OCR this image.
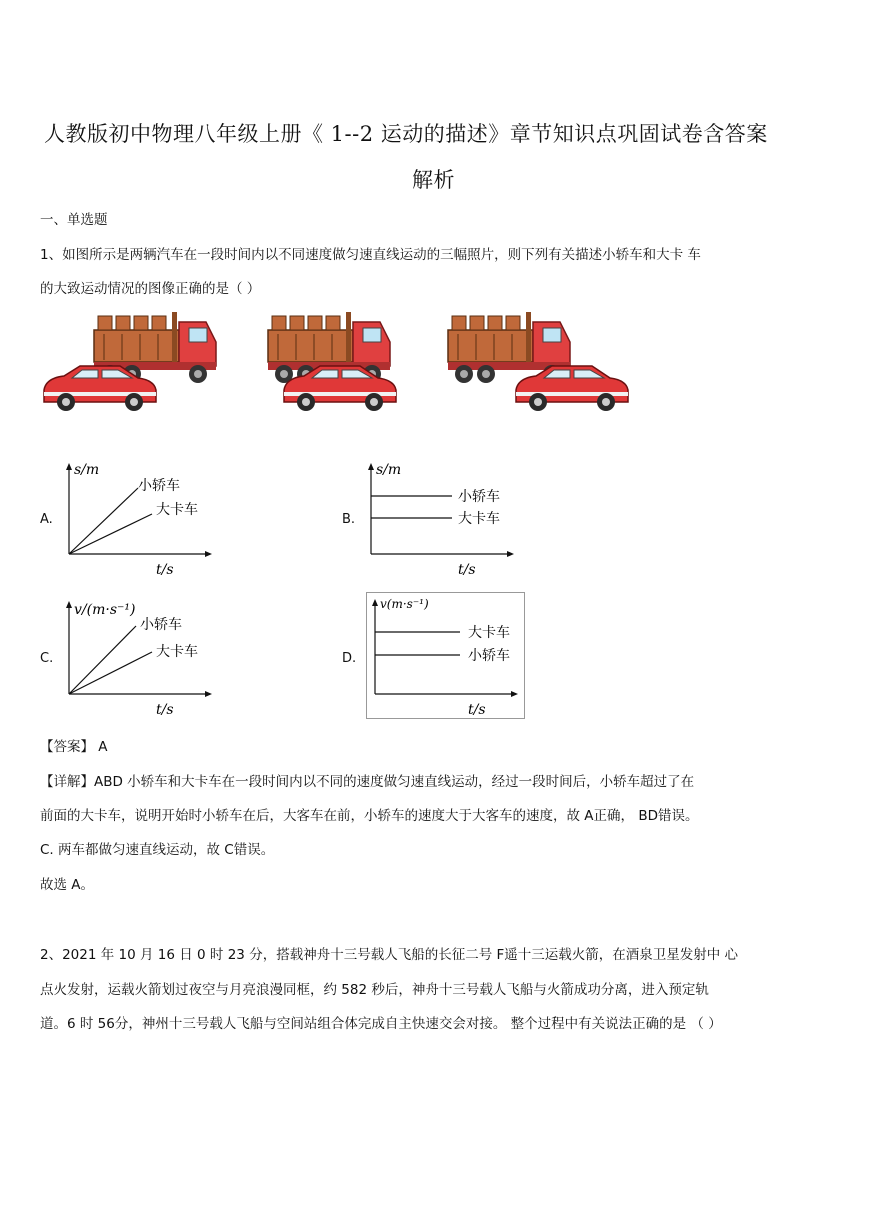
人教版初中物理八年级上册《 1--2 运动的描述》章节知识点巩固试卷含答案
解析
一、单选题
1、如图所示是两辆汽车在一段时间内以不同速度做匀速直线运动的三幅照片，则下列有关描述小轿车和大卡 车
的大致运动情况的图像正确的是（ ）
A.
s/m
t/s
小轿车
大卡车
B.
s/m
t/s
小轿车
大卡车
C.
v/(m·s⁻¹)
t/s
小轿车
大卡车	D.
v(m·s⁻¹)
t/s
大卡车
小轿车
【答案】 A
【详解】ABD 小轿车和大卡车在一段时间内以不同的速度做匀速直线运动，经过一段时间后，小轿车超过了在
前面的大卡车，说明开始时小轿车在后，大客车在前，小轿车的速度大于大客车的速度，故 A正确， BD错误。
C. 两车都做匀速直线运动，故 C错误。
故选 A。
2、2021 年 10 月 16 日 0 时 23 分，搭载神舟十三号载人飞船的长征二号 F遥十三运载火箭，在酒泉卫星发射中 心
点火发射，运载火箭划过夜空与月亮浪漫同框，约 582 秒后，神舟十三号载人飞船与火箭成功分离，进入预定轨
道。6 时 56分，神州十三号载人飞船与空间站组合体完成自主快速交会对接。 整个过程中有关说法正确的是 （ ）
